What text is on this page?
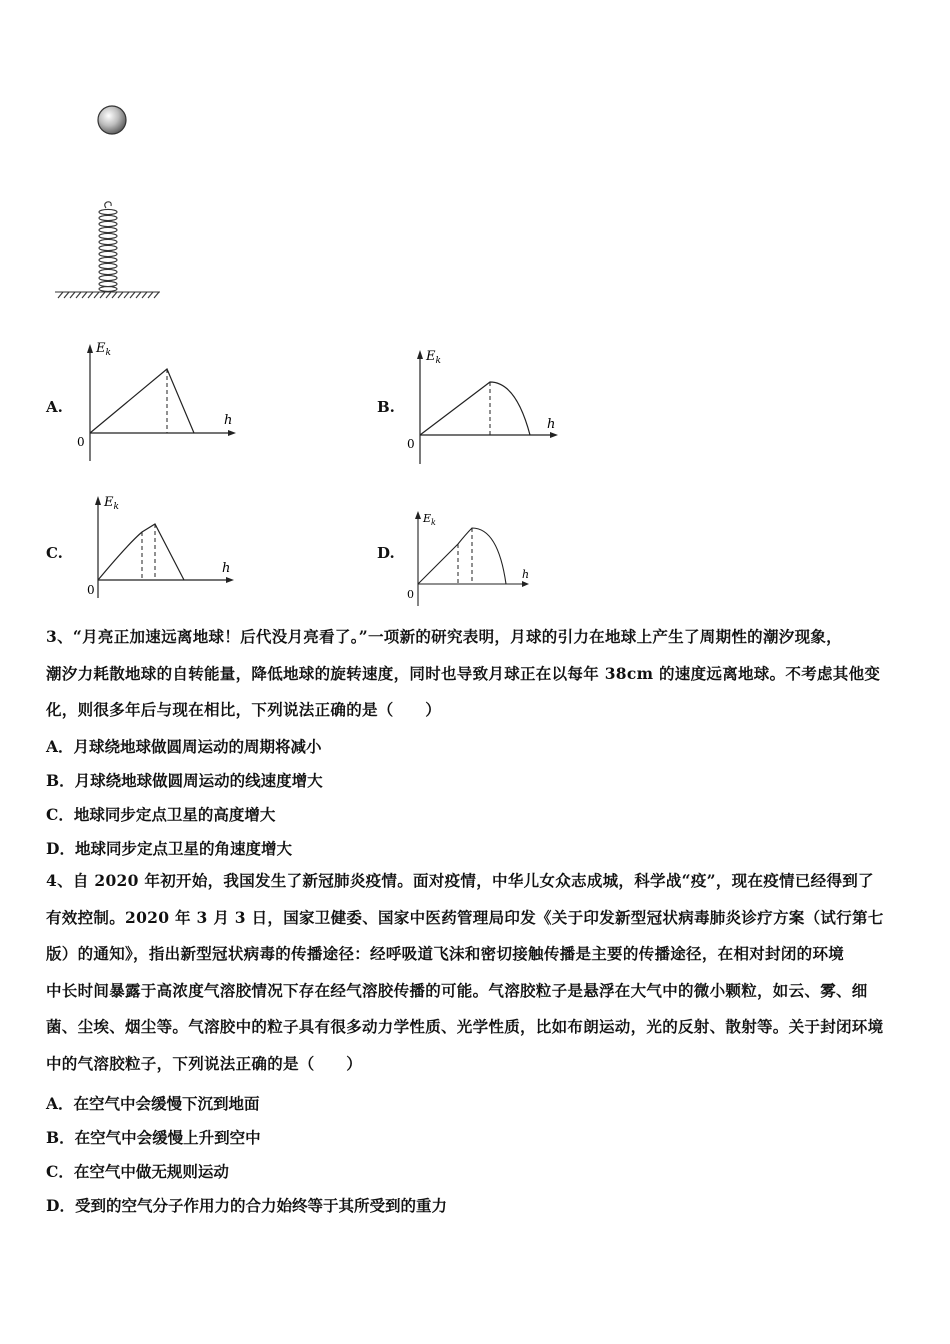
A.	B.
C.	D.
$E_k$
h
0
$E_k$
h
0
$E_k$
h
0
$E_k$
h
0
3、“月亮正加速远离地球！后代没月亮看了。”一项新的研究表明，月球的引力在地球上产生了周期性的潮汐现象，
潮汐力耗散地球的自转能量，降低地球的旋转速度，同时也导致月球正在以每年 38cm 的速度远离地球。不考虑其他变
化，则很多年后与现在相比，下列说法正确的是（　　）
A．月球绕地球做圆周运动的周期将减小
B．月球绕地球做圆周运动的线速度增大
C．地球同步定点卫星的高度增大
D．地球同步定点卫星的角速度增大
4、自 2020 年初开始，我国发生了新冠肺炎疫情。面对疫情，中华儿女众志成城，科学战“疫”，现在疫情已经得到了
有效控制。2020 年 3 月 3 日，国家卫健委、国家中医药管理局印发《关于印发新型冠状病毒肺炎诊疗方案（试行第七
版）的通知》，指出新型冠状病毒的传播途径：经呼吸道飞沫和密切接触传播是主要的传播途径，在相对封闭的环境
中长时间暴露于高浓度气溶胶情况下存在经气溶胶传播的可能。气溶胶粒子是悬浮在大气中的微小颗粒，如云、雾、细
菌、尘埃、烟尘等。气溶胶中的粒子具有很多动力学性质、光学性质，比如布朗运动，光的反射、散射等。关于封闭环境
中的气溶胶粒子，下列说法正确的是（　　）
A．在空气中会缓慢下沉到地面
B．在空气中会缓慢上升到空中
C．在空气中做无规则运动
D．受到的空气分子作用力的合力始终等于其所受到的重力
